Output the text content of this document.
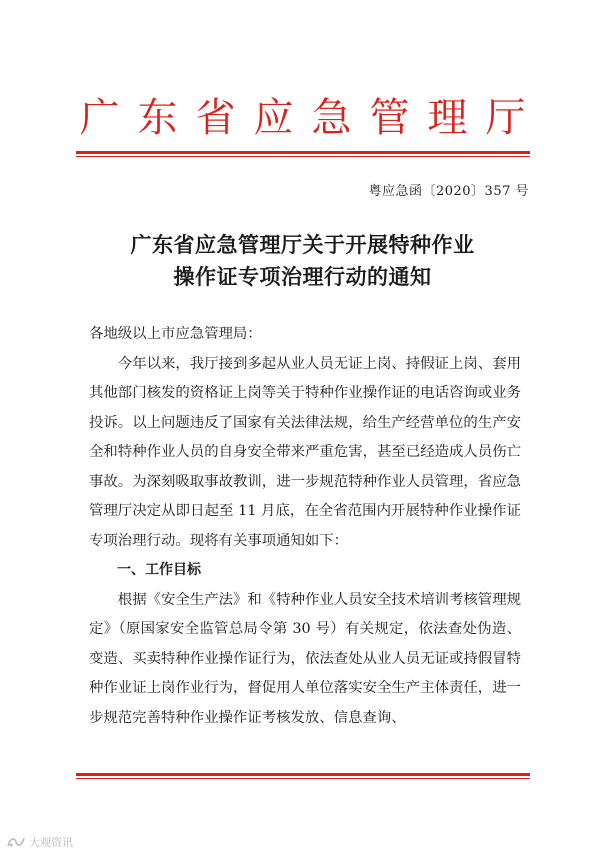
广东省应急管理厅
粤应急函〔2020〕357 号
广东省应急管理厅关于开展特种作业
操作证专项治理行动的通知

各地级以上市应急管理局：

今年以来，我厅接到多起从业人员无证上岗、持假证上岗、套用其他部门核发的资格证上岗等关于特种作业操作证的电话咨询或业务投诉。以上问题违反了国家有关法律法规，给生产经营单位的生产安全和特种作业人员的自身安全带来严重危害，甚至已经造成人员伤亡事故。为深刻吸取事故教训，进一步规范特种作业人员管理，省应急管理厅决定从即日起至 11 月底，在全省范围内开展特种作业操作证专项治理行动。现将有关事项通知如下：

一、工作目标

根据《安全生产法》和《特种作业人员安全技术培训考核管理规定》（原国家安全监管总局令第 30 号）有关规定，依法查处伪造、变造、买卖特种作业操作证行为，依法查处从业人员无证或持假冒特种作业证上岗作业行为，督促用人单位落实安全生产主体责任，进一步规范完善特种作业操作证考核发放、信息查询、

大观资讯
